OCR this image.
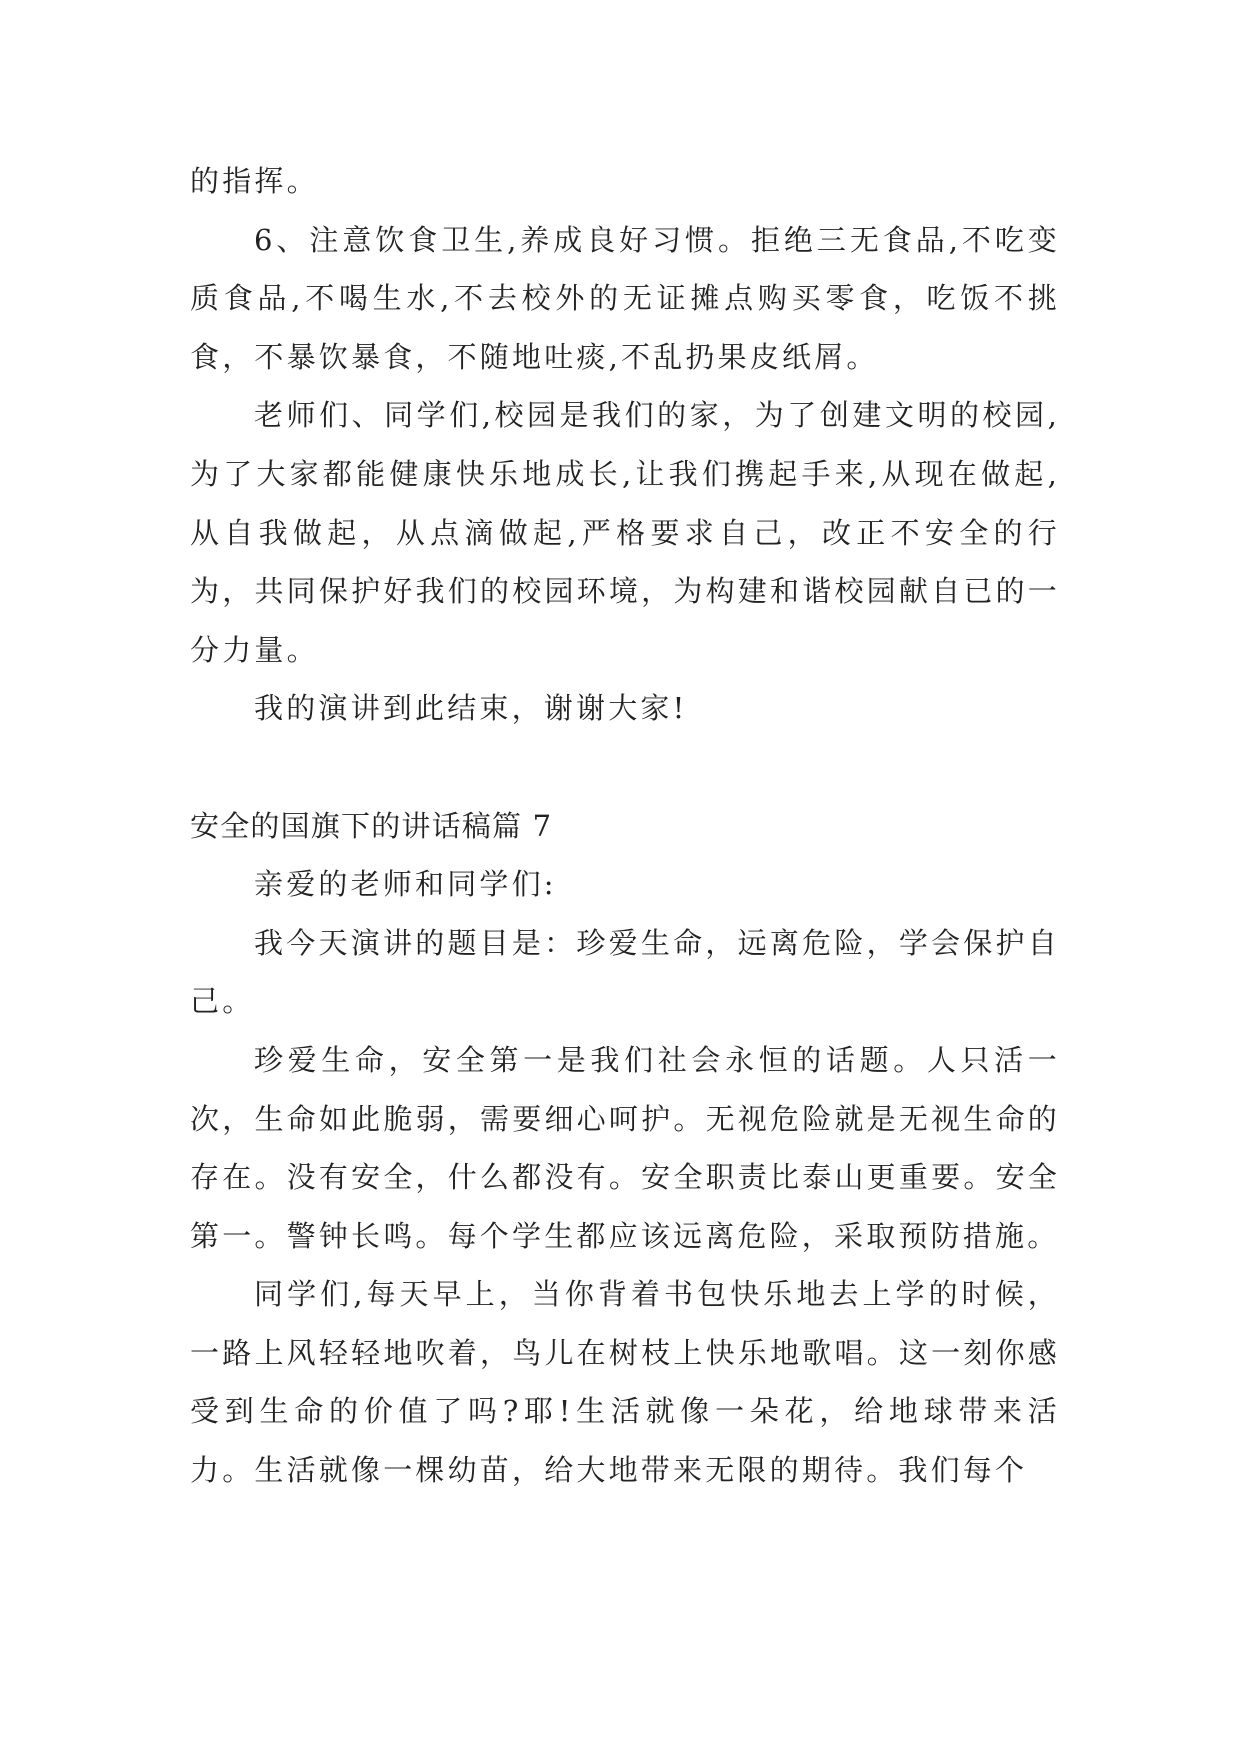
的指挥。

6、注意饮食卫生,养成良好习惯。拒绝三无食品,不吃变质食品,不喝生水,不去校外的无证摊点购买零食，吃饭不挑食，不暴饮暴食，不随地吐痰,不乱扔果皮纸屑。

老师们、同学们,校园是我们的家，为了创建文明的校园,为了大家都能健康快乐地成长,让我们携起手来,从现在做起,从自我做起，从点滴做起,严格要求自己，改正不安全的行为，共同保护好我们的校园环境，为构建和谐校园献自已的一分力量。

我的演讲到此结束，谢谢大家!

安全的国旗下的讲话稿篇 7

亲爱的老师和同学们:

我今天演讲的题目是：珍爱生命，远离危险，学会保护自己。

珍爱生命，安全第一是我们社会永恒的话题。人只活一次，生命如此脆弱，需要细心呵护。无视危险就是无视生命的存在。没有安全，什么都没有。安全职责比泰山更重要。安全第一。警钟长鸣。每个学生都应该远离危险，采取预防措施。

同学们,每天早上，当你背着书包快乐地去上学的时候，一路上风轻轻地吹着，鸟儿在树枝上快乐地歌唱。这一刻你感受到生命的价值了吗?耶!生活就像一朵花，给地球带来活力。生活就像一棵幼苗，给大地带来无限的期待。我们每个
